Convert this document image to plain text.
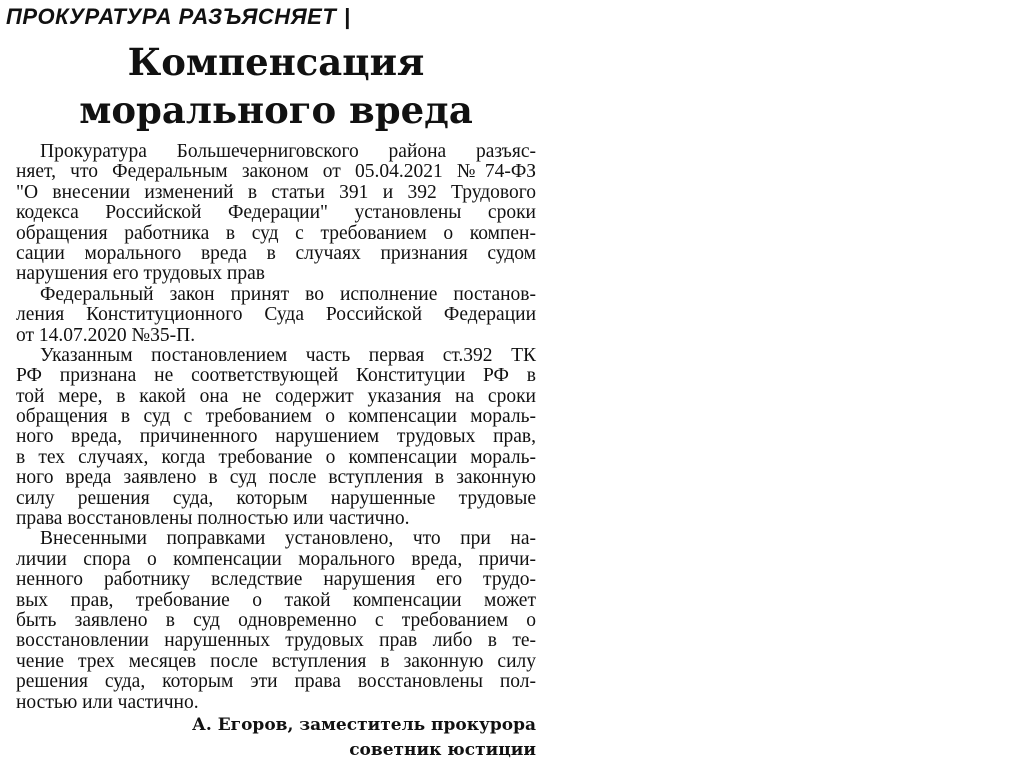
ПРОКУРАТУРА РАЗЪЯСНЯЕТ |
Компенсация
морального вреда
Прокуратура Большечерниговского района разъяс-
няет, что Федеральным законом от 05.04.2021 №74-ФЗ
"О внесении изменений в статьи 391 и 392 Трудового
кодекса Российской Федерации" установлены сроки
обращения работника в суд с требованием о компен-
сации морального вреда в случаях признания судом
нарушения его трудовых прав
Федеральный закон принят во исполнение постанов-
ления Конституционного Суда Российской Федерации
от 14.07.2020 №35-П.
Указанным постановлением часть первая ст.392 ТК
РФ признана не соответствующей Конституции РФ в
той мере, в какой она не содержит указания на сроки
обращения в суд с требованием о компенсации мораль-
ного вреда, причиненного нарушением трудовых прав,
в тех случаях, когда требование о компенсации мораль-
ного вреда заявлено в суд после вступления в законную
силу решения суда, которым нарушенные трудовые
права восстановлены полностью или частично.
Внесенными поправками установлено, что при на-
личии спора о компенсации морального вреда, причи-
ненного работнику вследствие нарушения его трудо-
вых прав, требование о такой компенсации может
быть заявлено в суд одновременно с требованием о
восстановлении нарушенных трудовых прав либо в те-
чение трех месяцев после вступления в законную силу
решения суда, которым эти права восстановлены пол-
ностью или частично.
А. Егоров, заместитель прокурора
советник юстиции
